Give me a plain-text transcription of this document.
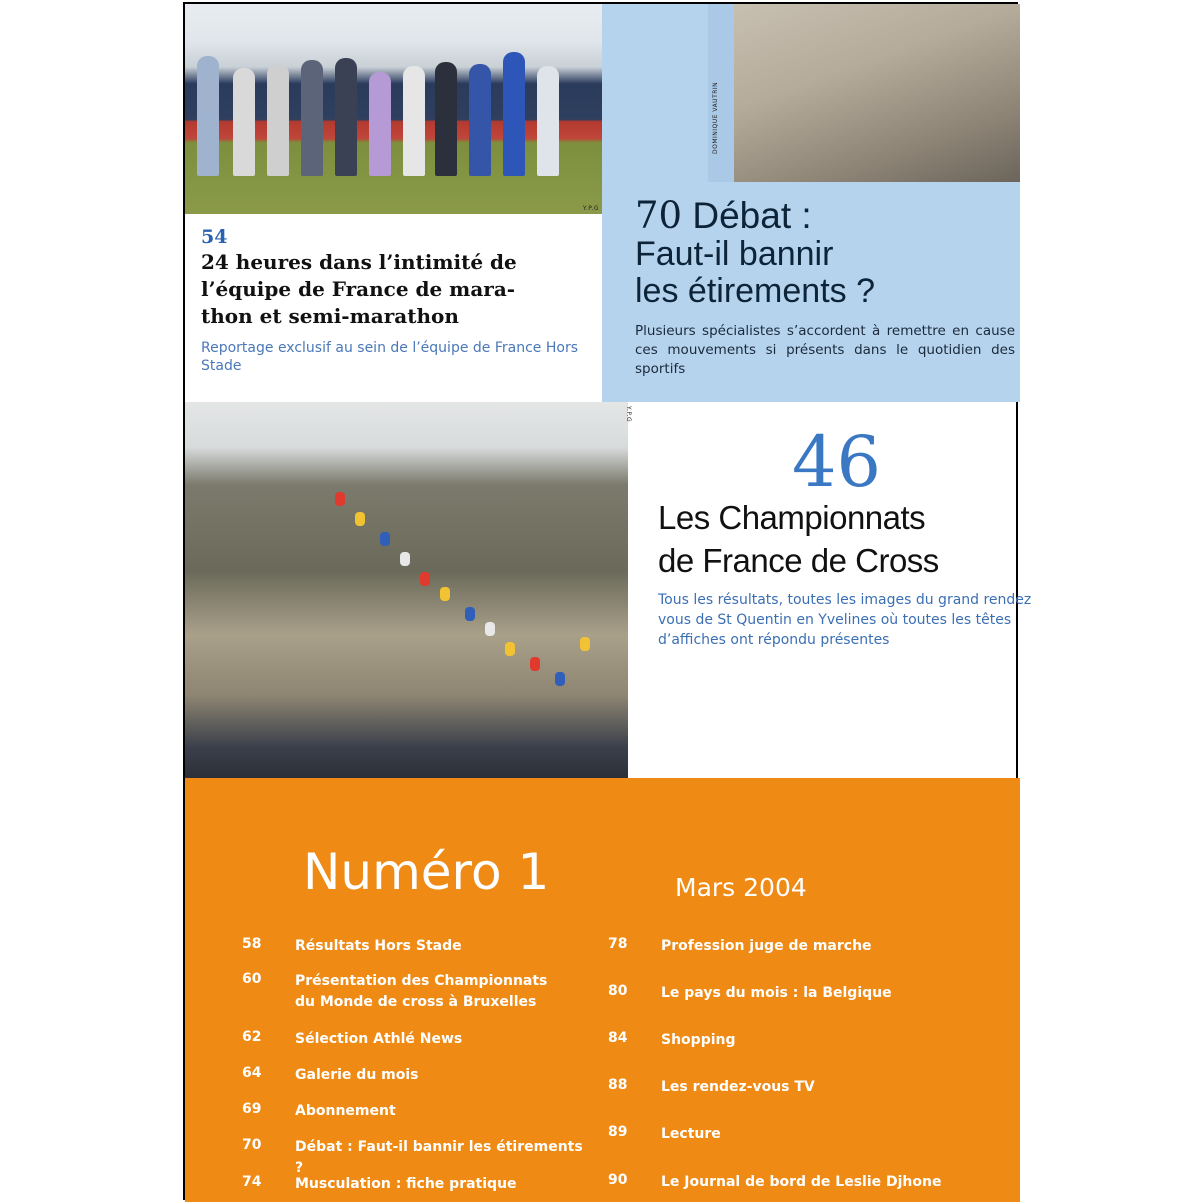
Y.P.G
DOMINIQUE VAUTRIN
54
24 heures dans l’intimité de
l’équipe de France de mara-
thon et semi-marathon
Reportage exclusif au sein de l’équipe de France Hors Stade
70 Débat :
Faut-il bannir
les étirements ?
Plusieurs spécialistes s’accordent à remettre en cause ces mouvements si présents dans le quotidien des sportifs
Y.P.G
46
Les Championnats
de France de Cross
Tous les résultats, toutes les images du grand rendez
vous de St Quentin en Yvelines où toutes les têtes
d’affiches ont répondu présentes
Numéro 1	Mars 2004
58	Résultats Hors Stade
60	Présentation des Championnats du Monde de cross à Bruxelles
62	Sélection Athlé News
64	Galerie du mois
69	Abonnement
70	Débat : Faut-il bannir les étirements ?
74	Musculation : fiche pratique
78	Profession juge de marche
80	Le pays du mois : la Belgique
84	Shopping
88	Les rendez-vous TV
89	Lecture
90	Le Journal de bord de Leslie Djhone
